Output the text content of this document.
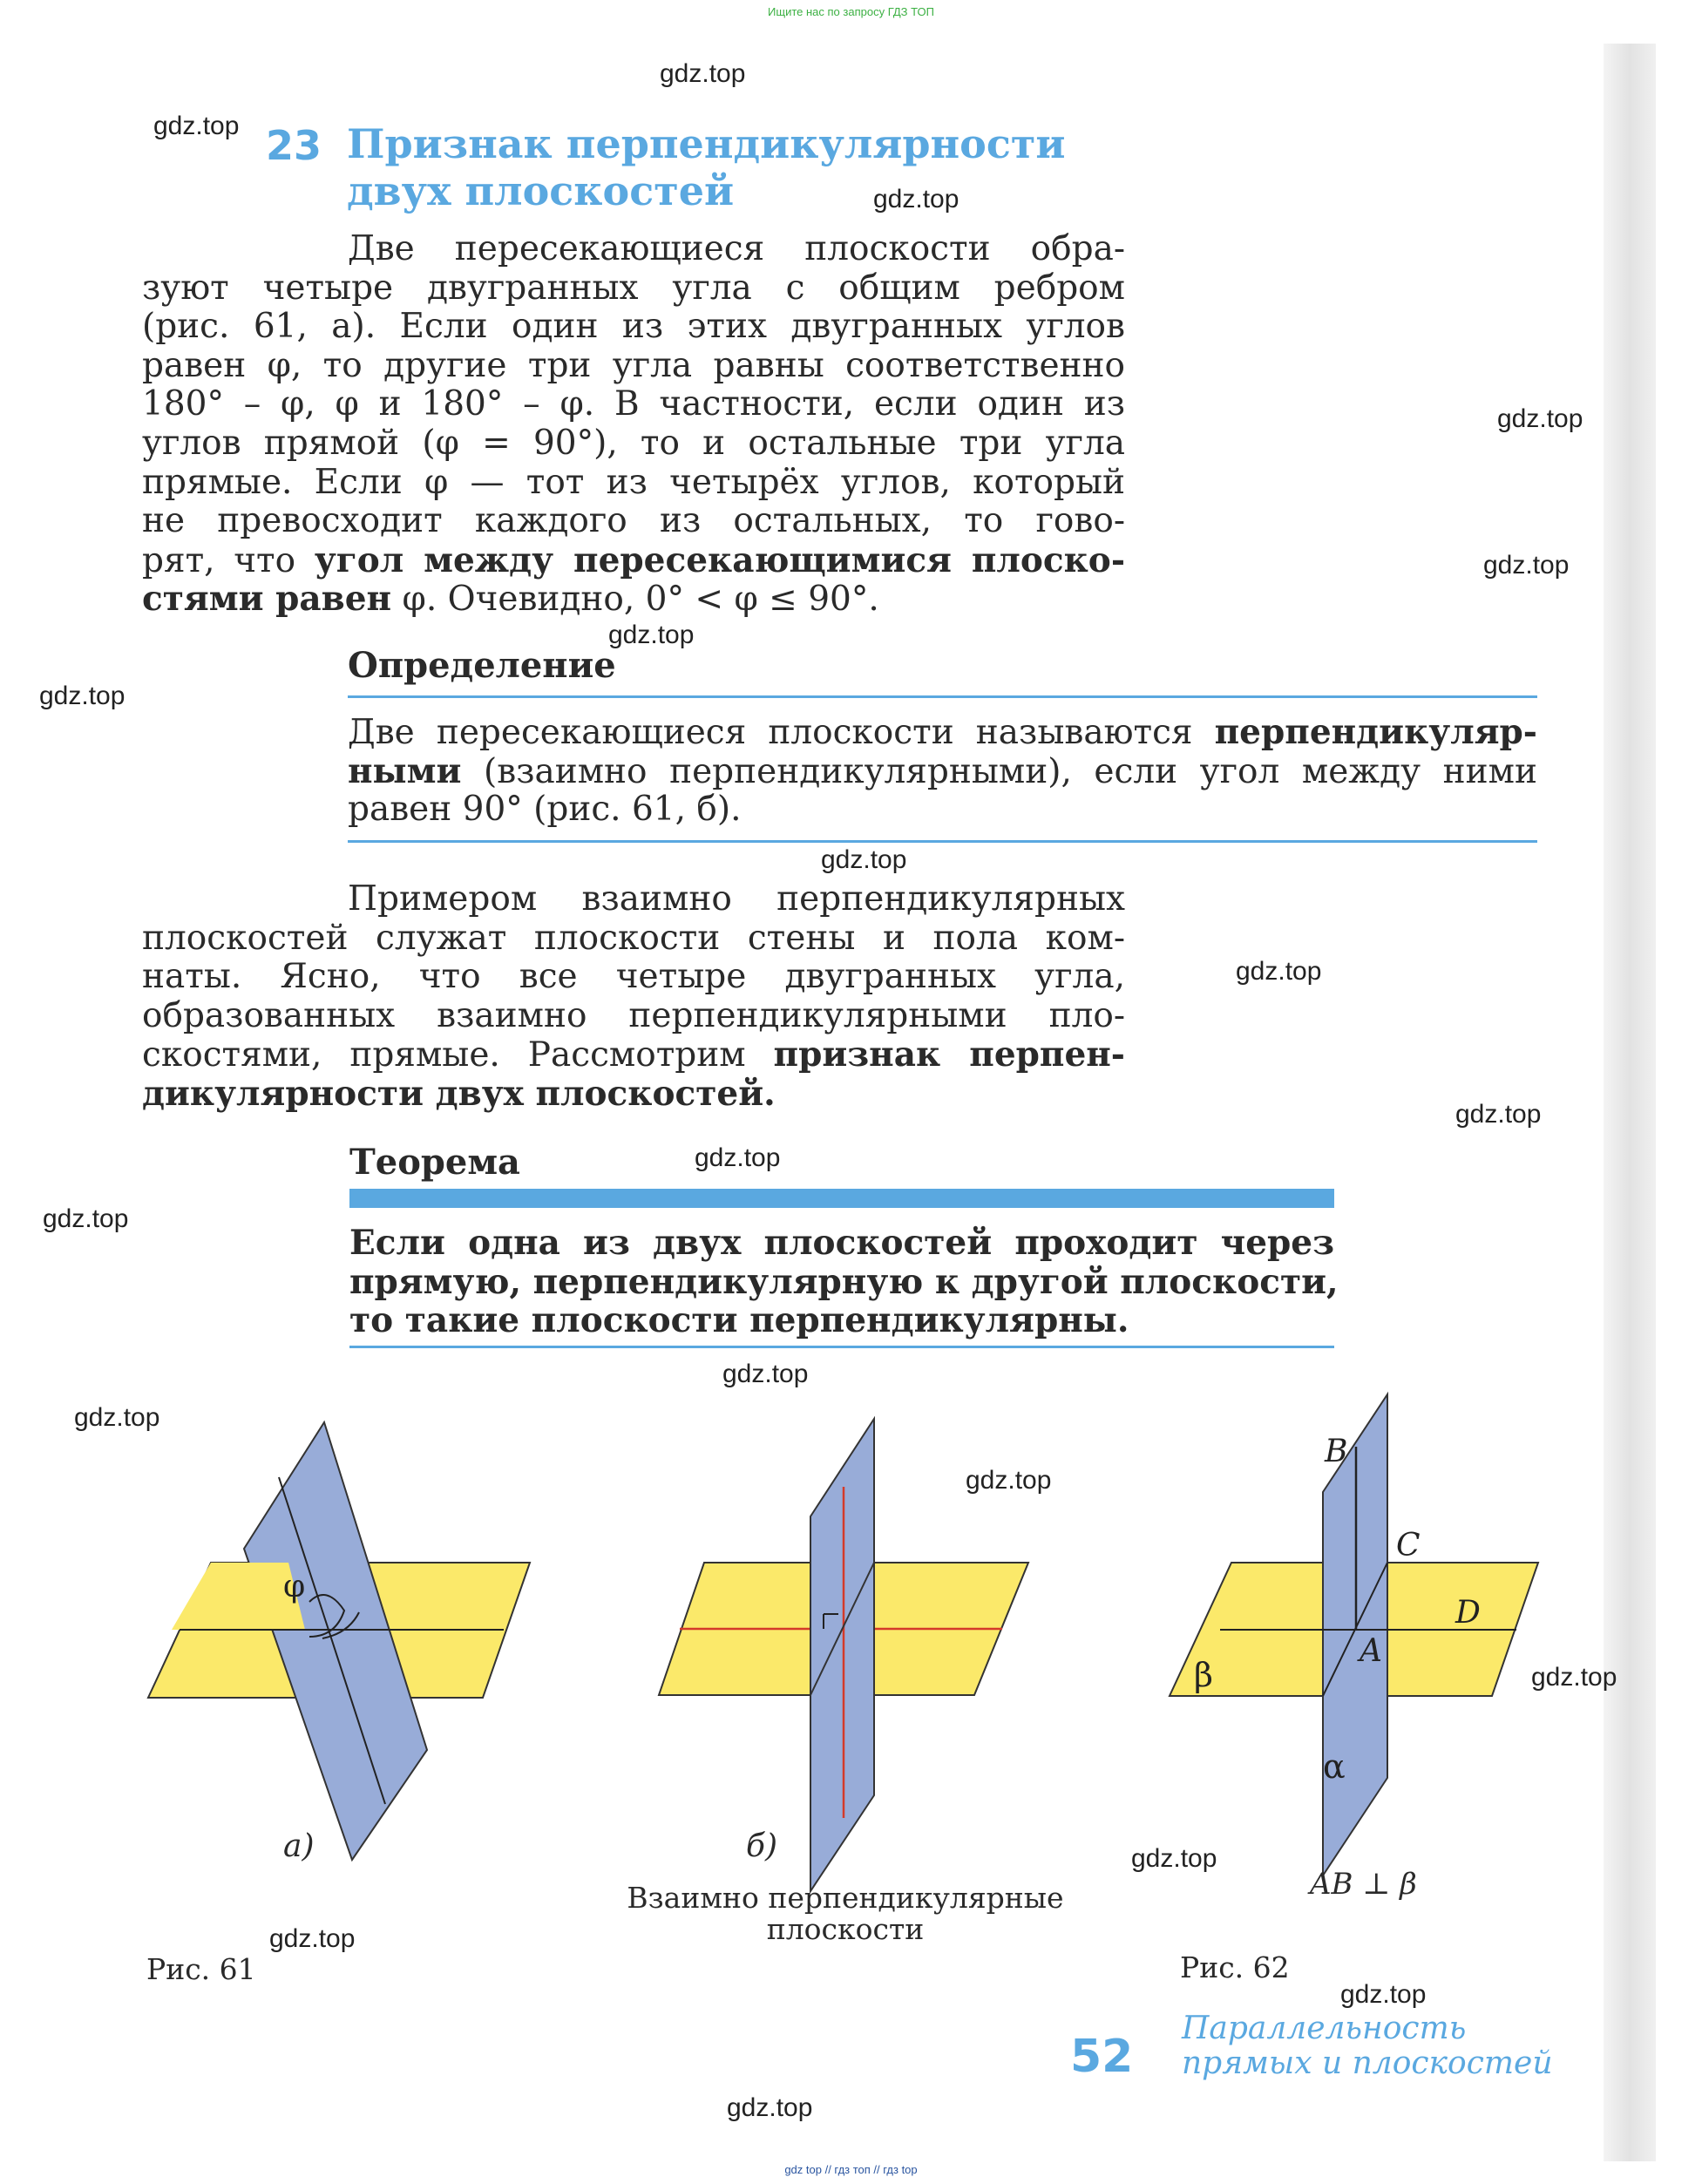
Ищите нас по запросу ГДЗ ТОП
gdz.top
gdz.top
gdz.top
gdz.top
gdz.top
gdz.top
gdz.top
gdz.top
gdz.top
gdz.top
gdz.top
gdz.top
gdz.top
gdz.top
gdz.top
gdz.top
gdz.top
gdz.top
gdz.top
gdz.top
23 Признак перпендикулярности
двух плоскостей
Две пересекающиеся плоскости обра-
зуют четыре двугранных угла с общим ребром
(рис. 61, а). Если один из этих двугранных углов
равен φ, то другие три угла равны соответственно
180° – φ, φ и 180° – φ. В частности, если один из
углов прямой (φ = 90°), то и остальные три угла
прямые. Если φ — тот из четырёх углов, который
не превосходит каждого из остальных, то гово-
рят, что угол между пересекающимися плоско-
стями равен φ. Очевидно, 0° < φ ≤ 90°.
Определение
Две пересекающиеся плоскости называются перпендикуляр-
ными (взаимно перпендикулярными), если угол между ними
равен 90° (рис. 61, б).
Примером взаимно перпендикулярных
плоскостей служат плоскости стены и пола ком-
наты. Ясно, что все четыре двугранных угла,
образованных взаимно перпендикулярными пло-
скостями, прямые. Рассмотрим признак перпен-
дикулярности двух плоскостей.
Теорема
Если одна из двух плоскостей проходит через
прямую, перпендикулярную к другой плоскости,
то такие плоскости перпендикулярны.
φ
B
C
D
A
β
α
а)	б)
Взаимно перпендикулярные
плоскости
AB ⊥ β
Рис. 61	Рис. 62
52
Параллельность
прямых и плоскостей
gdz top // гдз топ // гдз top
